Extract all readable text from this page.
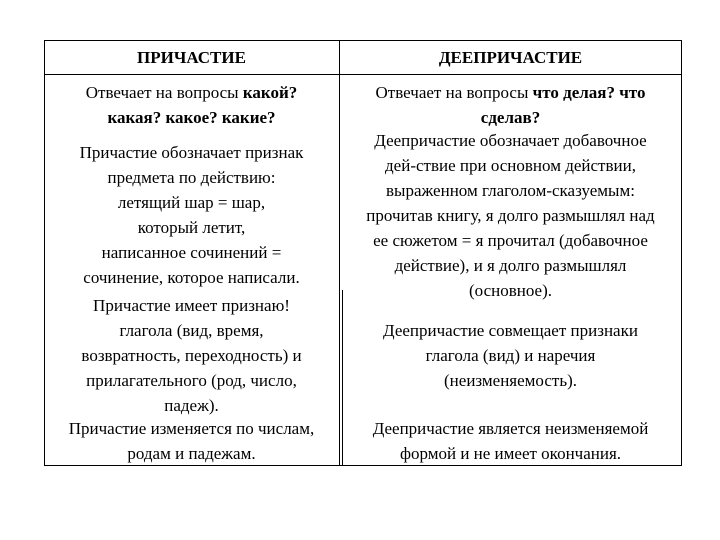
ПРИЧАСТИЕ	ДЕЕПРИЧАСТИЕ
Отвечает на вопросы какой?
какая? какое? какие?
Отвечает на вопросы что делая? что
сделав?
Причастие обозначает признак
предмета по действию:
летящий шар = шар,
который летит,
написанное сочинений =
сочинение, которое написали.
Деепричастие обозначает добавочное
дей-ствие при основном действии,
выраженном глаголом-сказуемым:
прочитав книгу, я долго размышлял над
ее сюжетом = я прочитал (добавочное
действие), и я долго размышлял
(основное).
Причастие имеет признаю!
глагола (вид, время,
возвратность, переходность) и
прилагательного (род, число,
падеж).
Деепричастие совмещает признаки
глагола (вид) и наречия
(неизменяемость).
Причастие изменяется по числам,
родам и падежам.
Деепричастие является неизменяемой
формой и не имеет окончания.
